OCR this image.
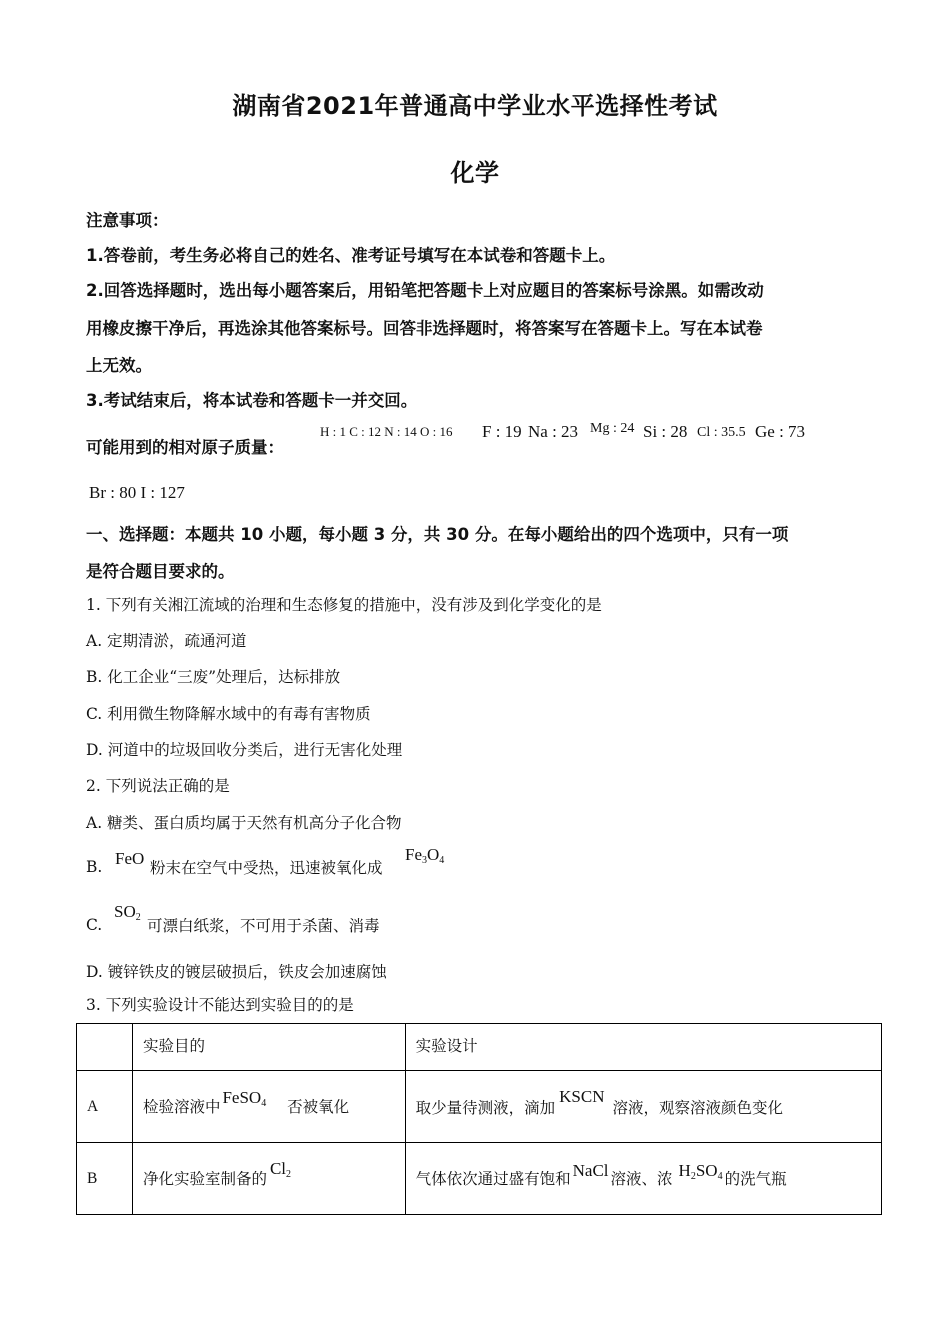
湖南省2021年普通高中学业水平选择性考试
化学
注意事项：
1.答卷前，考生务必将自己的姓名、准考证号填写在本试卷和答题卡上。
2.回答选择题时，选出每小题答案后，用铅笔把答题卡上对应题目的答案标号涂黑。如需改动
用橡皮擦干净后，再选涂其他答案标号。回答非选择题时，将答案写在答题卡上。写在本试卷
上无效。
3.考试结束后，将本试卷和答题卡一并交回。
可能用到的相对原子质量：
H : 1 C : 12 N : 14 O : 16 F : 19 Na : 23 Mg : 24 Si : 28 Cl : 35.5 Ge : 73
Br : 80 I : 127
一、选择题：本题共 10 小题，每小题 3 分，共 30 分。在每小题给出的四个选项中，只有一项
是符合题目要求的。
1. 下列有关湘江流域的治理和生态修复的措施中，没有涉及到化学变化的是
A. 定期清淤，疏通河道
B. 化工企业“三废”处理后，达标排放
C. 利用微生物降解水域中的有毒有害物质
D. 河道中的垃圾回收分类后，进行无害化处理
2. 下列说法正确的是
A. 糖类、蛋白质均属于天然有机高分子化合物
B. FeO 粉末在空气中受热，迅速被氧化成
$Fe_3O_4$
C.
$SO_2$ 可漂白纸浆，不可用于杀菌、消毒
D. 镀锌铁皮的镀层破损后，铁皮会加速腐蚀
3. 下列实验设计不能达到实验目的的是
	实验目的	实验设计
A	检验溶液中 FeSO$_4$ 否被氧化	取少量待测液，滴加KSCN溶液，观察溶液颜色变化
B	净化实验室制备的$Cl_2$	气体依次通过盛有饱和 NaCl 溶液、浓 $H_2SO_4$ 的洗气瓶
